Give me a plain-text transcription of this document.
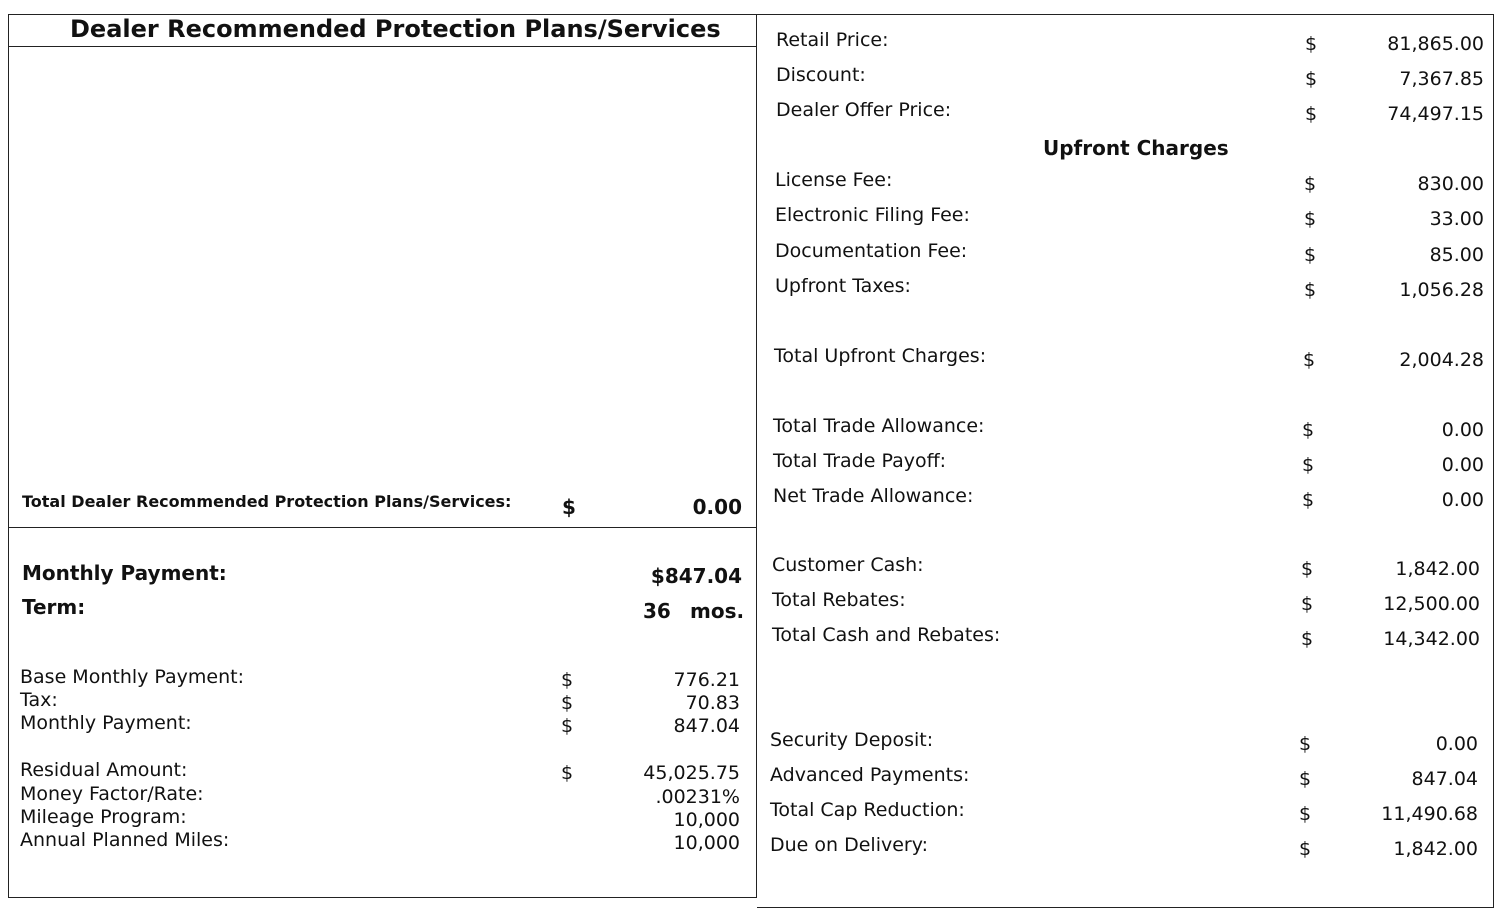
Dealer Recommended Protection Plans/Services
Total Dealer Recommended Protection Plans/Services:	$	0.00
Monthly Payment:	$847.04
Term:	36 mos.
Base Monthly Payment:	$	776.21
Tax:	$	70.83
Monthly Payment:	$	847.04
Residual Amount:	$	45,025.75
Money Factor/Rate:	.00231%
Mileage Program:	10,000
Annual Planned Miles:	10,000
Upfront Charges
Retail Price:	$	81,865.00
Discount:	$	7,367.85
Dealer Offer Price:	$	74,497.15
License Fee:	$	830.00
Electronic Filing Fee:	$	33.00
Documentation Fee:	$	85.00
Upfront Taxes:	$	1,056.28
Total Upfront Charges:	$	2,004.28
Total Trade Allowance:	$	0.00
Total Trade Payoff:	$	0.00
Net Trade Allowance:	$	0.00
Customer Cash:	$	1,842.00
Total Rebates:	$	12,500.00
Total Cash and Rebates:	$	14,342.00
Security Deposit:	$	0.00
Advanced Payments:	$	847.04
Total Cap Reduction:	$	11,490.68
Due on Delivery:	$	1,842.00
